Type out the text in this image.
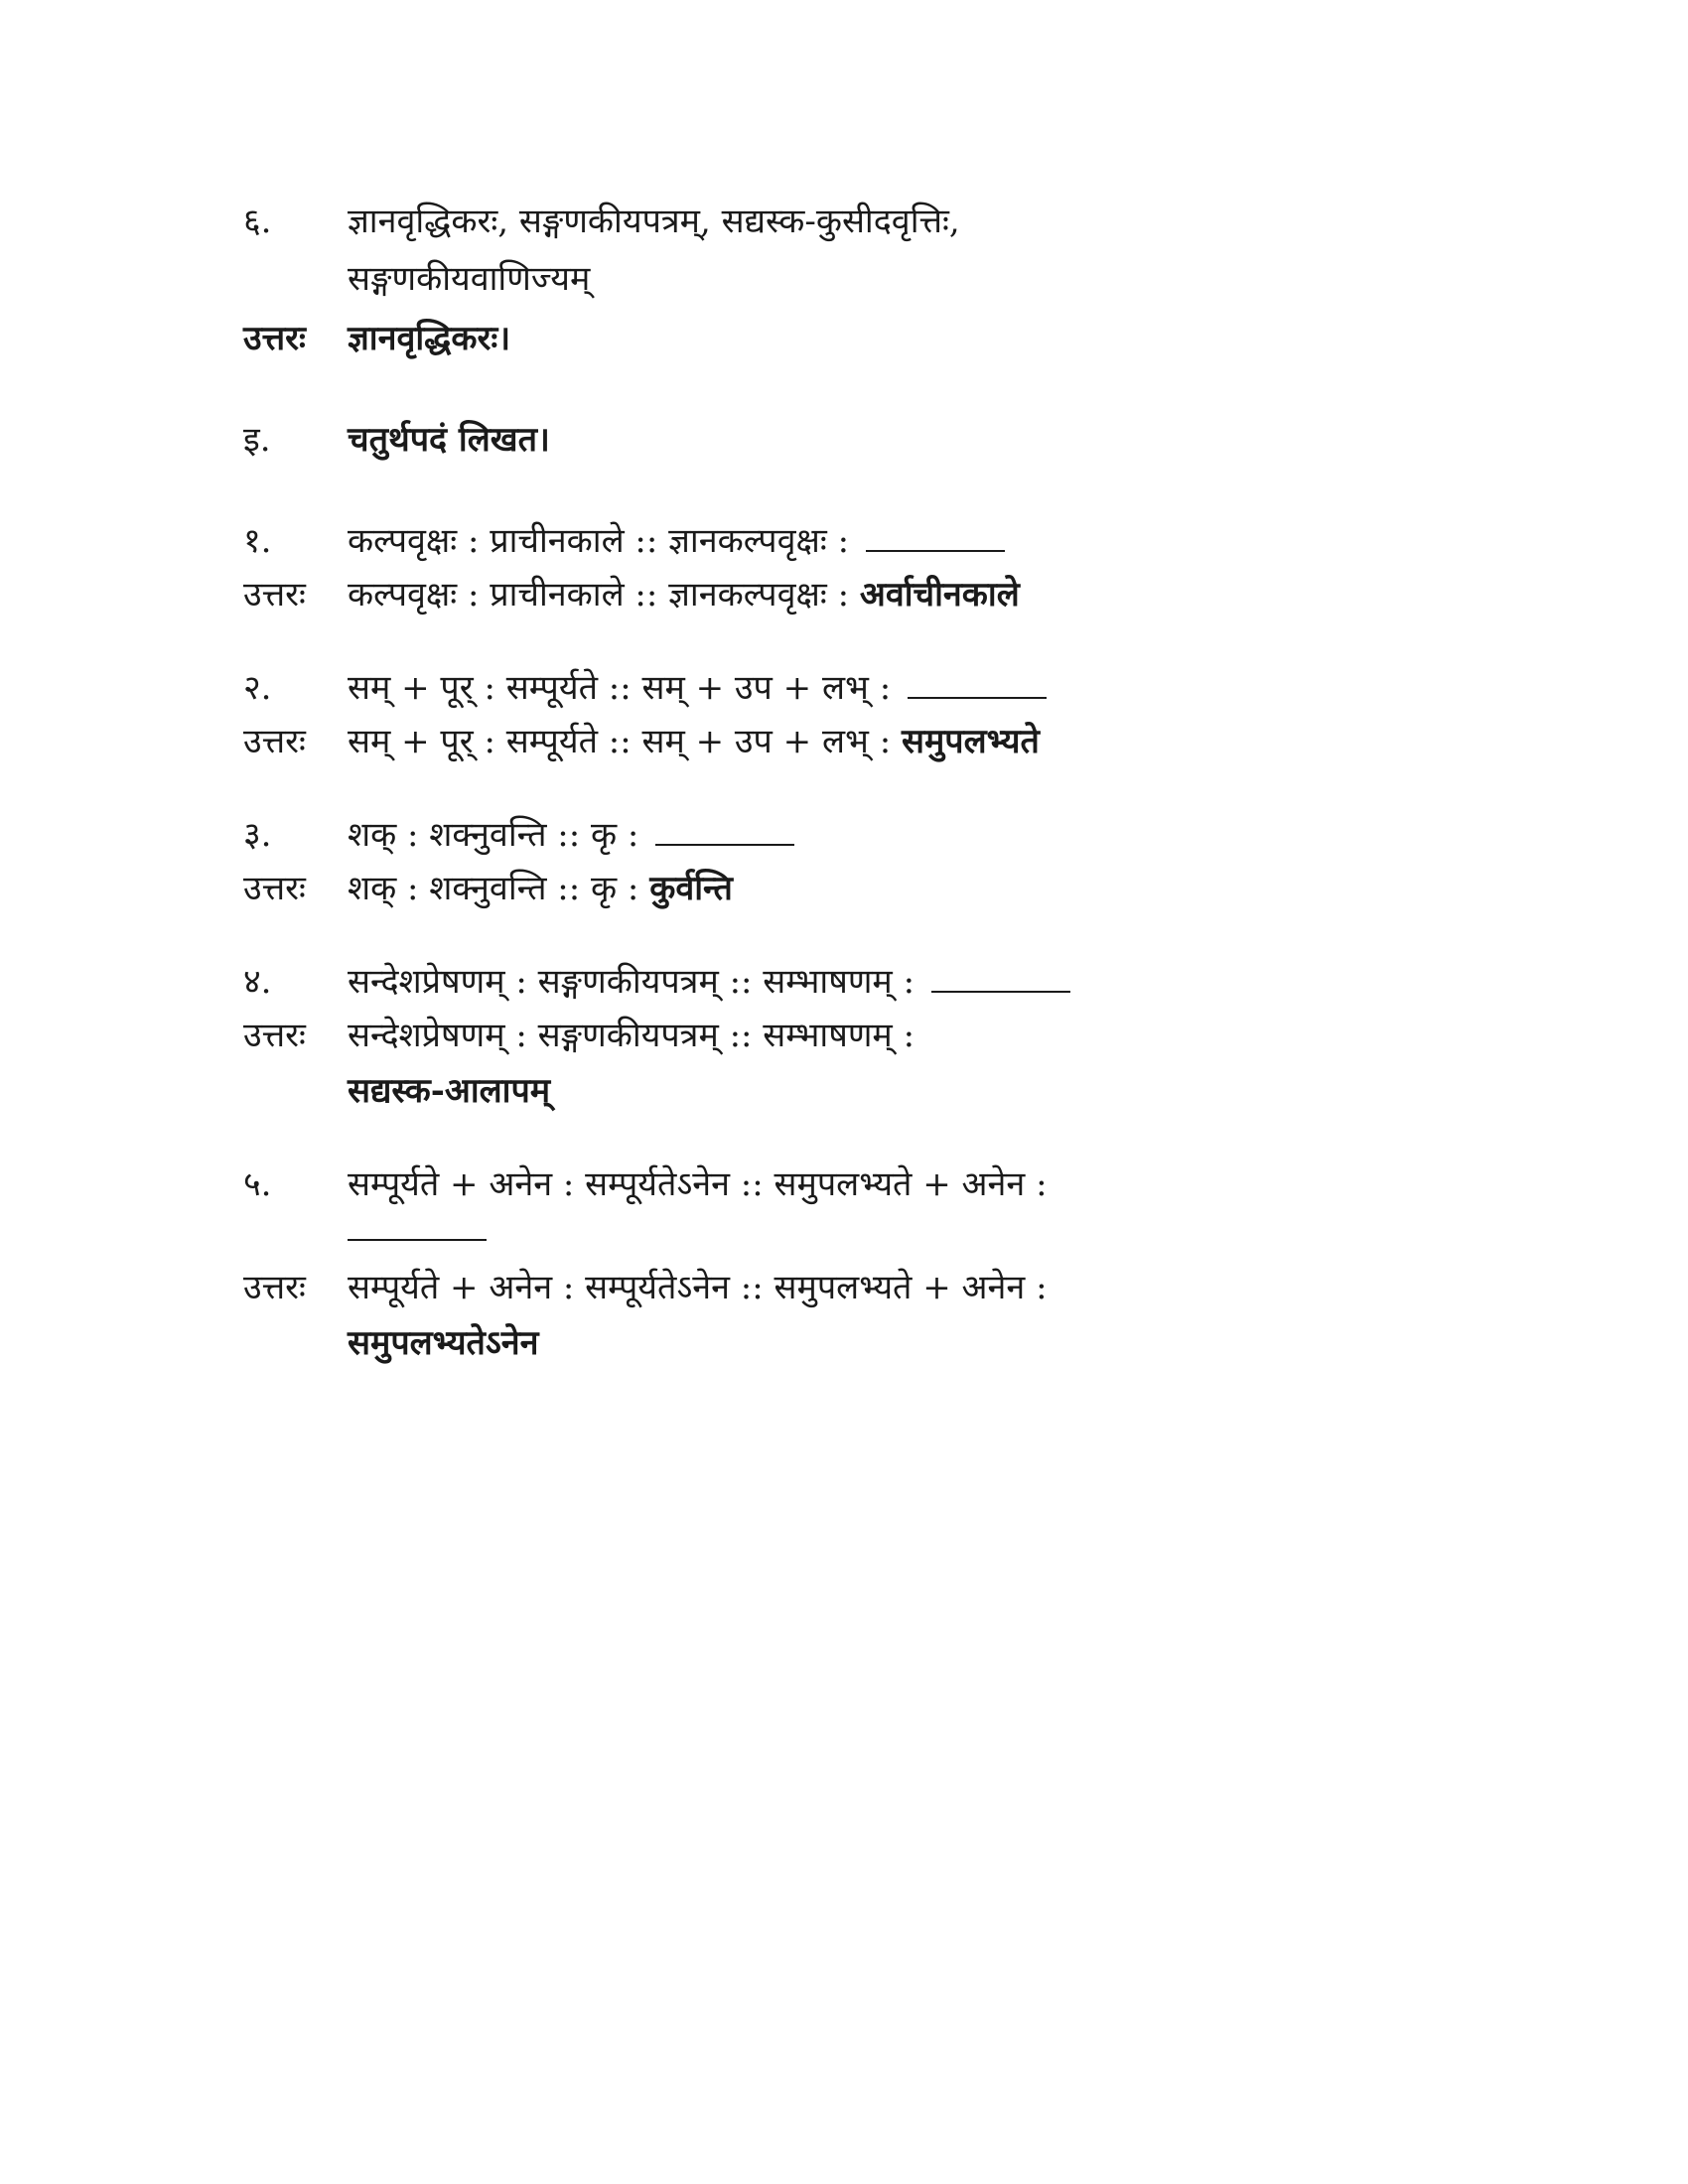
६.	ज्ञानवृद्धिकरः, सङ्गणकीयपत्रम्, सद्यस्क-कुसीदवृत्तिः,
सङ्गणकीयवाणिज्यम्
उत्तरः	ज्ञानवृद्धिकरः।
इ.	चतुर्थपदं लिखत।
१.	कल्पवृक्षः : प्राचीनकाले :: ज्ञानकल्पवृक्षः :
उत्तरः	कल्पवृक्षः : प्राचीनकाले :: ज्ञानकल्पवृक्षः : अर्वाचीनकाले
२.	सम् + पूर् : सम्पूर्यते :: सम् + उप + लभ् :
उत्तरः	सम् + पूर् : सम्पूर्यते :: सम् + उप + लभ् : समुपलभ्यते
३.	शक् : शक्नुवन्ति :: कृ :
उत्तरः	शक् : शक्नुवन्ति :: कृ : कुर्वन्ति
४.	सन्देशप्रेषणम् : सङ्गणकीयपत्रम् :: सम्भाषणम् :
उत्तरः	सन्देशप्रेषणम् : सङ्गणकीयपत्रम् :: सम्भाषणम् :
सद्यस्क-आलापम्
५.	सम्पूर्यते + अनेन : सम्पूर्यतेऽनेन :: समुपलभ्यते + अनेन :
उत्तरः	सम्पूर्यते + अनेन : सम्पूर्यतेऽनेन :: समुपलभ्यते + अनेन :
समुपलभ्यतेऽनेन
